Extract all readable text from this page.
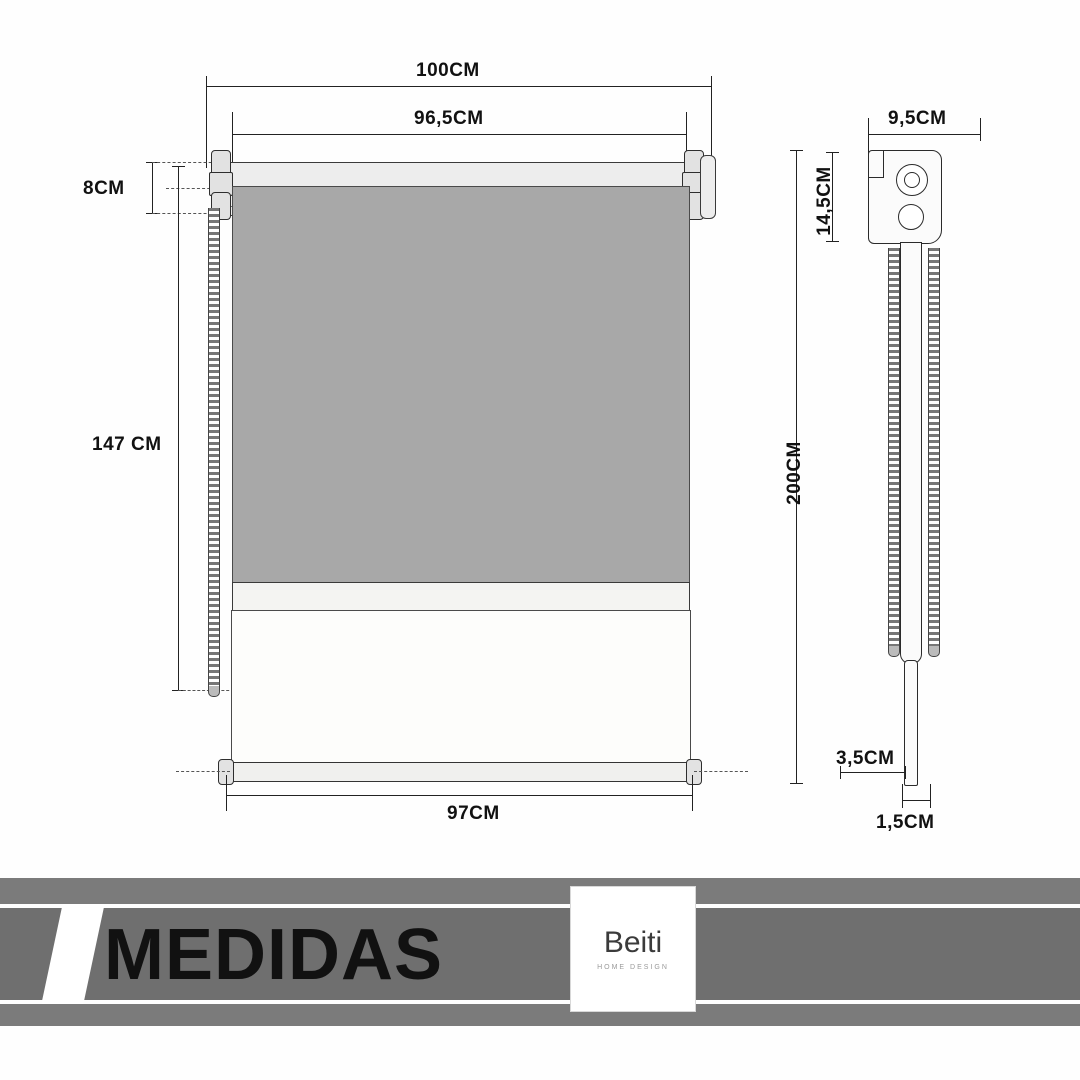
100CM
96,5CM
8CM
147 CM
97CM
9,5CM
14,5CM
200CM
3,5CM
1,5CM
MEDIDAS	Beiti
HOME DESIGN
